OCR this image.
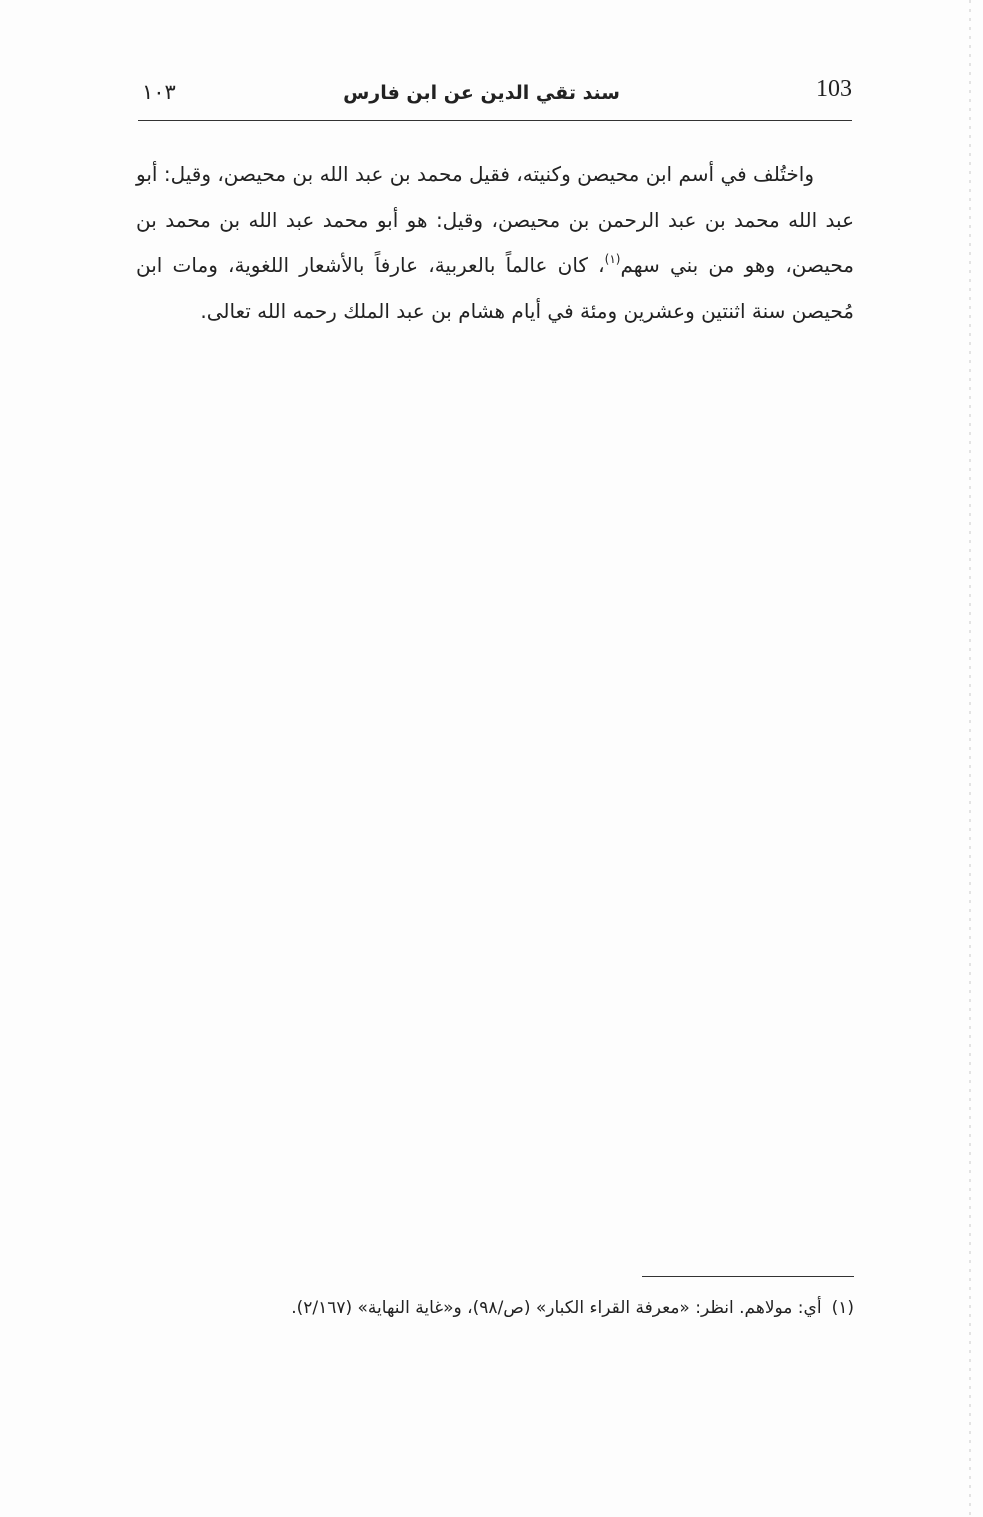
103
سند تقي الدين عن ابن فارس
١٠٣

واختُلف في أسم ابن محيصن وكنيته، فقيل محمد بن عبد الله بن محيصن، وقيل: أبو عبد الله محمد بن عبد الرحمن بن محيصن، وقيل: هو أبو محمد عبد الله بن محمد بن محيصن، وهو من بني سهم$^{(١)}$، كان عالماً بالعربية، عارفاً بالأشعار اللغوية، ومات ابن مُحيصن سنة اثنتين وعشرين ومئة في أيام هشام بن عبد الملك رحمه الله تعالى.

(١)أي: مولاهم. انظر: «معرفة القراء الكبار» (ص/٩٨)، و«غاية النهاية» (٢/١٦٧).
